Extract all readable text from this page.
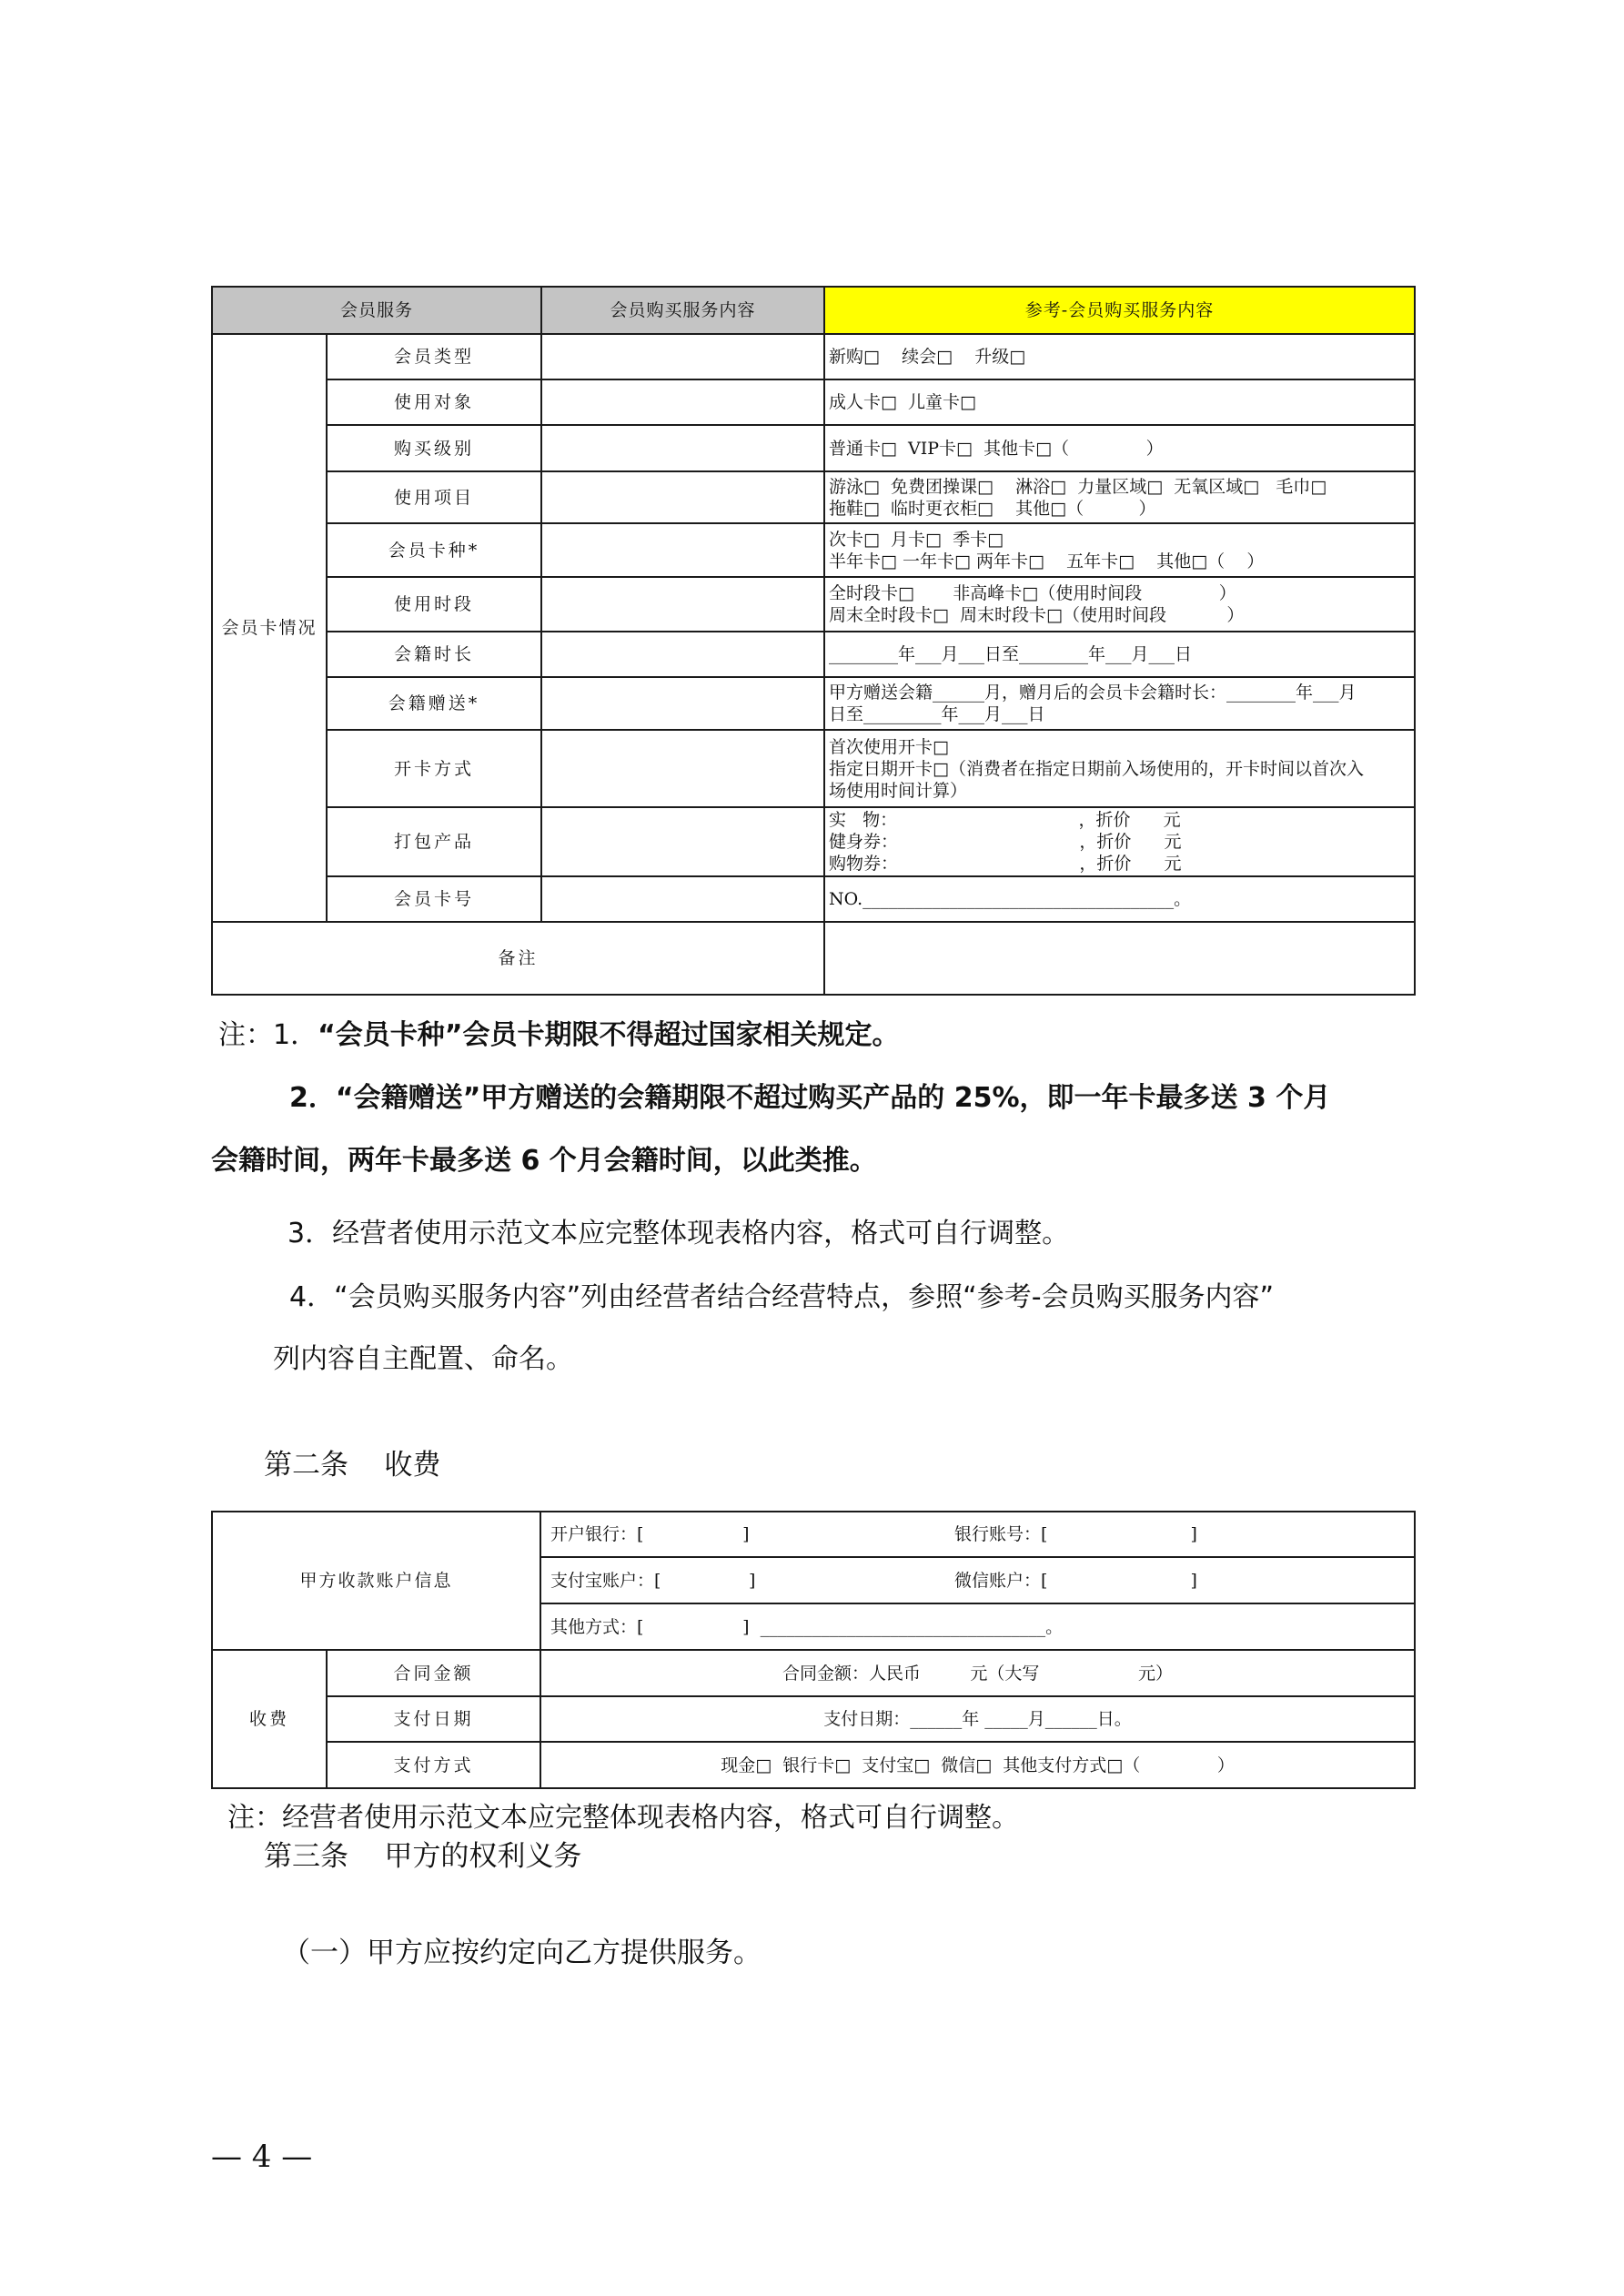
会员服务		会员购买服务内容	参考-会员购买服务内容
会员卡情况	会员类型		新购□    续会□    升级□

	使用对象		成人卡□  儿童卡□

	购买级别		普通卡□  VIP卡□  其他卡□（              ）

	使用项目		游泳□  免费团操课□    淋浴□  力量区域□  无氧区域□   毛巾□
拖鞋□  临时更衣柜□    其他□（          ）

	会员卡种*		次卡□  月卡□  季卡□
半年卡□ 一年卡□ 两年卡□    五年卡□    其他□（    ）

	使用时段		全时段卡□       非高峰卡□（使用时间段              ）
周末全时段卡□  周末时段卡□（使用时间段           ）

	会籍时长		________年___月___日至________年___月___日

	会籍赠送*		甲方赠送会籍______月，赠月后的会员卡会籍时长：________年___月
日至_________年___月___日

	开卡方式		首次使用开卡□
指定日期开卡□（消费者在指定日期前入场使用的，开卡时间以首次入
场使用时间计算）

	打包产品		实   物：                                 ，折价      元
健身券：                                 ，折价      元
购物券：                                 ，折价      元

	会员卡号		NO.____________________________________。

备注			
注：1．“会员卡种”会员卡期限不得超过国家相关规定。
2．“会籍赠送”甲方赠送的会籍期限不超过购买产品的 25%，即一年卡最多送 3 个月
会籍时间，两年卡最多送 6 个月会籍时间，以此类推。
3．经营者使用示范文本应完整体现表格内容，格式可自行调整。
4．“会员购买服务内容”列由经营者结合经营特点，参照“参考-会员购买服务内容”
列内容自主配置、命名。
第二条    收费
甲方收款账户信息		开户银行：[                  ] 银行账号：[                          ]

		支付宝账户：[                ] 微信账户：[                          ]

		其他方式：[                  ]  _________________________________。

收费	合同金额	合同金额：人民币         元（大写                  元）
	支付日期	支付日期：______年 _____月______日。
	支付方式	现金□  银行卡□  支付宝□  微信□  其他支付方式□（              ）
注：经营者使用示范文本应完整体现表格内容，格式可自行调整。
第三条    甲方的权利义务
（一）甲方应按约定向乙方提供服务。
— 4 —
